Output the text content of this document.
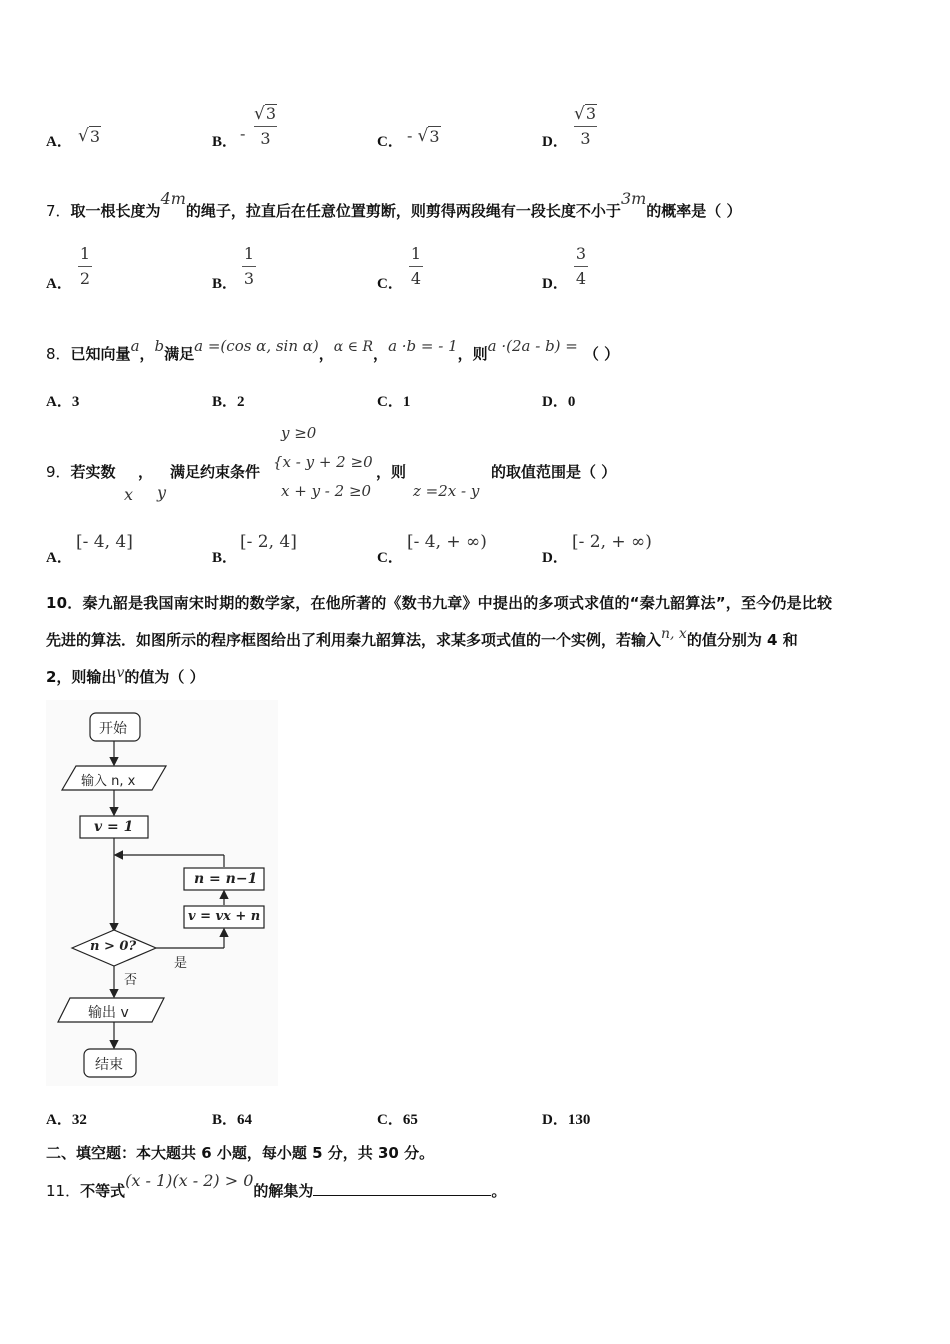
A． √ 3	B． -
√ 3
3	C． - √ 3	D．
√ 3
3
7．取一根长度为4m的绳子，拉直后在任意位置剪断，则剪得两段绳有一段长度不小于3m的概率是（ ）
A．
1
2	B．
1
3	C．
1
4	D．
3
4
8．已知向量a，b满足a =(cos α, sin α)，α ∈ R，a ·b = - 1，则a ·(2a - b) = （ ）
A．3	B．2	C．1	D．0
9．若实数 ， 满足约束条件
y ≥0
{x - y + 2 ≥0
x + y - 2 ≥0
，则	的取值范围是（ ）
x y	z =2x - y
A．
[- 4, 4]
B．
[- 2, 4]
C．
[- 4, + ∞)
D．
[- 2, + ∞)
10．秦九韶是我国南宋时期的数学家，在他所著的《数书九章》中提出的多项式求值的“秦九韶算法”，至今仍是比较
先进的算法．如图所示的程序框图给出了利用秦九韶算法，求某多项式值的一个实例，若输入n, x的值分别为 4 和
2，则输出v的值为（ ）
开始
输入 n, x
v = 1
n = n−1
v = vx + n
n > 0?
是
否
输出 v
结束
A．32	B．64	C．65	D．130
二、填空题：本大题共 6 小题，每小题 5 分，共 30 分。
11．不等式(x - 1)(x - 2) > 0的解集为	。
